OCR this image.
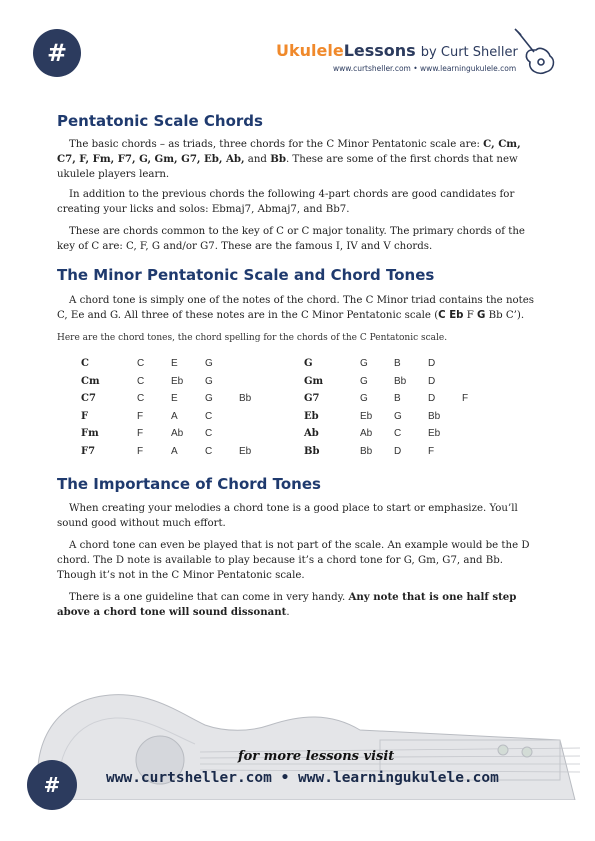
#	UkuleleLessons by Curt Sheller
www.curtsheller.com • www.learningukulele.com
Pentatonic Scale Chords

The basic chords – as triads, three chords for the C Minor Pentatonic scale are: C, Cm, C7, F, Fm, F7, G, Gm, G7, Eb, Ab, and Bb. These are some of the first chords that new ukulele players learn.

In addition to the previous chords the following 4-part chords are good candidates for creating your licks and solos: Ebmaj7, Abmaj7, and Bb7.

These are chords common to the key of C or C major tonality. The primary chords of the key of C are: C, F, G and/or G7. These are the famous I, IV and V chords.

The Minor Pentatonic Scale and Chord Tones

A chord tone is simply one of the notes of the chord. The C Minor triad contains the notes C, Ee and G. All three of these notes are in the C Minor Pentatonic scale (C Eb F G Bb C’).

Here are the chord tones, the chord spelling for the chords of the C Pentatonic scale.
C	C	E	G	
Cm	C	Eb	G	
C7	C	E	G	Bb
F	F	A	C	
Fm	F	Ab	C	
F7	F	A	C	Eb
G	G	B	D	
Gm	G	Bb	D	
G7	G	B	D	F
Eb	Eb	G	Bb	
Ab	Ab	C	Eb	
Bb	Bb	D	F	
The Importance of Chord Tones

When creating your melodies a chord tone is a good place to start or emphasize. You’ll sound good without much effort.

A chord tone can even be played that is not part of the scale. An example would be the D chord. The D note is available to play because it’s a chord tone for G, Gm, G7, and Bb. Though it’s not in the C Minor Pentatonic scale.

There is a one guideline that can come in very handy. Any note that is one half step above a chord tone will sound dissonant.

for more lessons visit
www.curtsheller.com • www.learningukulele.com
#
